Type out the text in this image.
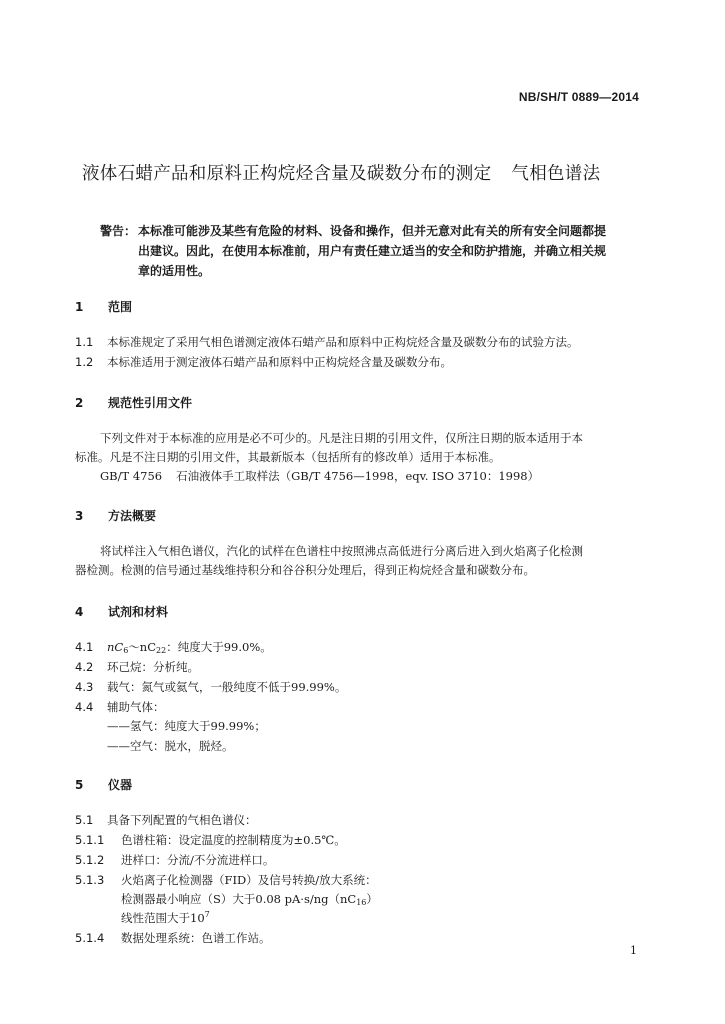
NB/SH/T 0889—2014
液体石蜡产品和原料正构烷烃含量及碳数分布的测定 气相色谱法
警告： 本标准可能涉及某些有危险的材料、设备和操作，但并无意对此有关的所有安全问题都提
出建议。因此，在使用本标准前，用户有责任建立适当的安全和防护措施，并确立相关规
章的适用性。
1 范围
1.1 本标准规定了采用气相色谱测定液体石蜡产品和原料中正构烷烃含量及碳数分布的试验方法。
1.2 本标准适用于测定液体石蜡产品和原料中正构烷烃含量及碳数分布。
2 规范性引用文件
下列文件对于本标准的应用是必不可少的。凡是注日期的引用文件，仅所注日期的版本适用于本
标准。凡是不注日期的引用文件，其最新版本（包括所有的修改单）适用于本标准。
GB/T 4756 石油液体手工取样法（GB/T 4756—1998，eqv. ISO 3710：1998）
3 方法概要
将试样注入气相色谱仪，汽化的试样在色谱柱中按照沸点高低进行分离后进入到火焰离子化检测
器检测。检测的信号通过基线维持积分和谷谷积分处理后，得到正构烷烃含量和碳数分布。
4 试剂和材料
4.1 $nC_6\sim nC_{22}$：纯度大于99.0%。
4.2 环己烷：分析纯。
4.3 载气：氮气或氦气，一般纯度不低于99.99%。
4.4 辅助气体：
——氢气：纯度大于99.99%；
——空气：脱水，脱烃。
5 仪器
5.1 具备下列配置的气相色谱仪：
5.1.1 色谱柱箱：设定温度的控制精度为±0.5℃。
5.1.2 进样口：分流/不分流进样口。
5.1.3 火焰离子化检测器（FID）及信号转换/放大系统：
检测器最小响应（S）大于0.08 $pA\cdot s/ng(nC_{16})$
线性范围大于$10^7$
5.1.4 数据处理系统：色谱工作站。
1
